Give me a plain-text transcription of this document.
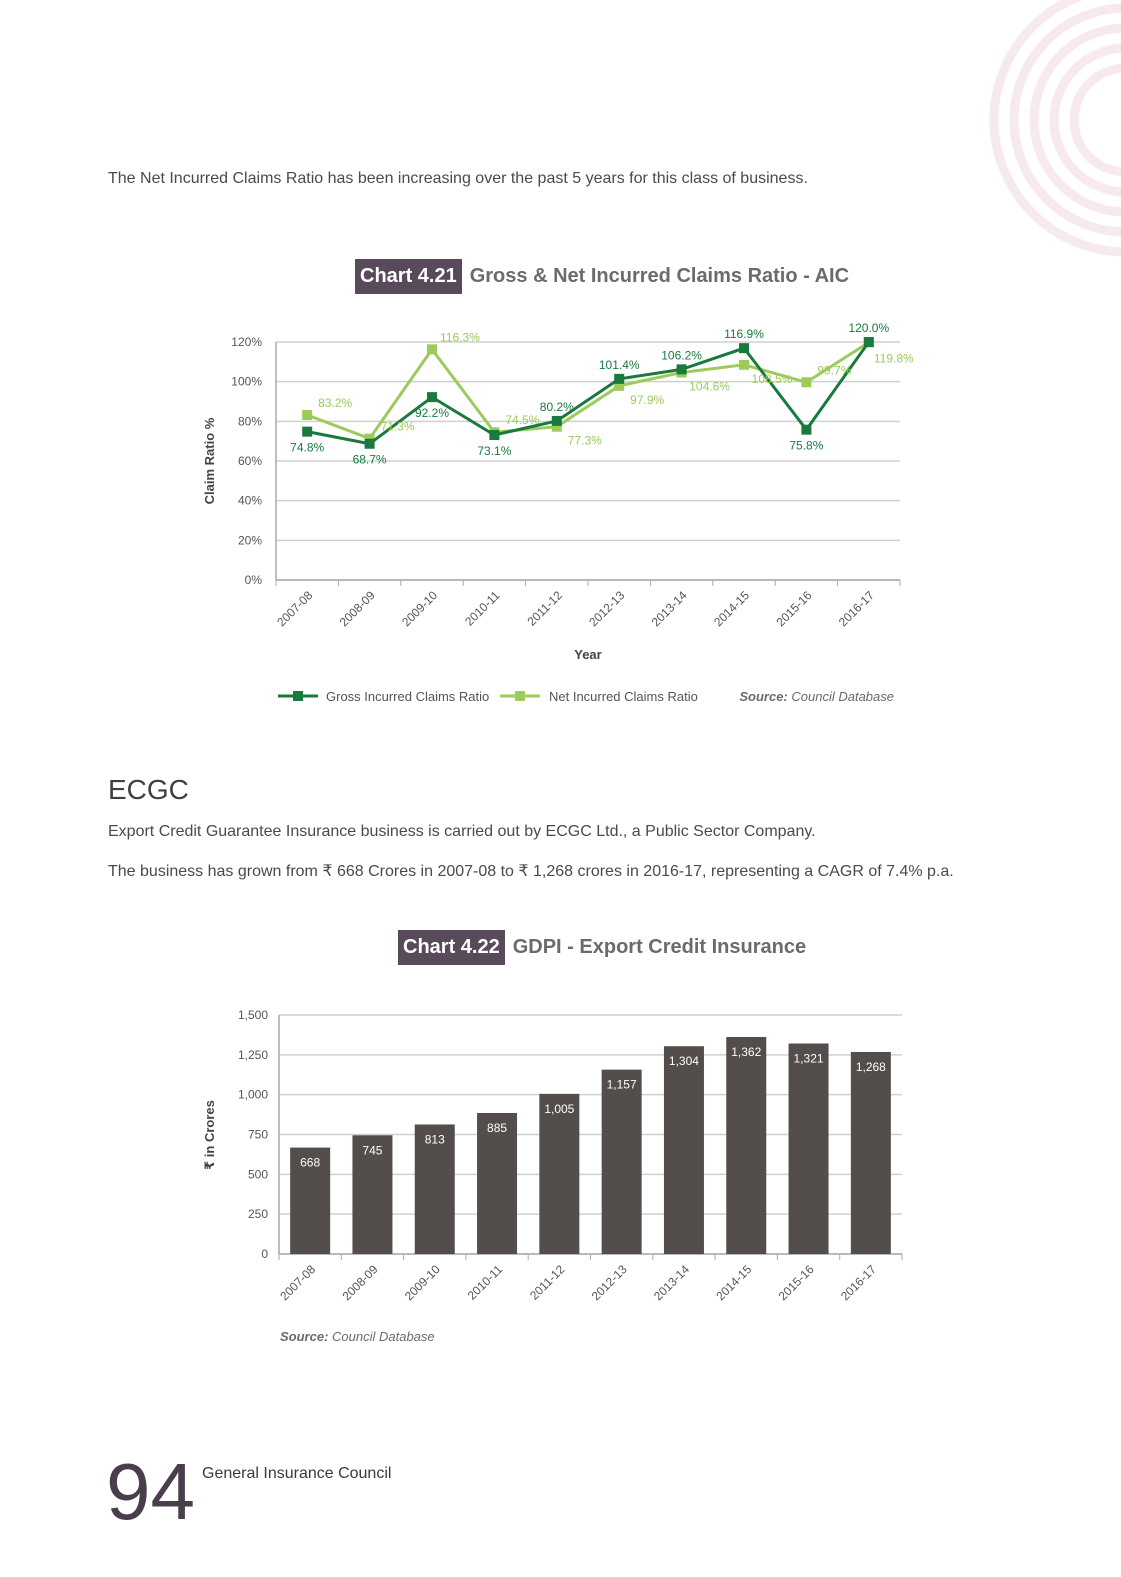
The Net Incurred Claims Ratio has been increasing over the past 5 years for this class of business.
Chart 4.21 Gross & Net Incurred Claims Ratio - AIC
0%
20%
40%
60%
80%
100%
120%
2007-08 2008-09 2009-10 2010-11 2011-12 2012-13 2013-14 2014-15 2015-16 2016-17
Year
Claim Ratio %	74.8%
68.7%
92.2%
73.1%
80.2%
101.4%
106.2%
116.9%
75.8%
120.0%
83.2%
71.3%
116.3%
74.5%
77.3%
97.9%
104.6%
108.5%
99.7%
119.8%
Gross Incurred Claims Ratio	Net Incurred Claims Ratio	Source: Council Database
ECGC
Export Credit Guarantee Insurance business is carried out by ECGC Ltd., a Public Sector Company.
The business has grown from ₹ 668 Crores in 2007-08 to ₹ 1,268 crores in 2016-17, representing a CAGR of 7.4% p.a.
Chart 4.22 GDPI - Export Credit Insurance
0
250
500
750
1,000
1,250
1,500
668
2007-08
745
2008-09
813
2009-10
885
2010-11
1,005
2011-12
1,157
2012-13
1,304
2013-14
1,362
2014-15
1,321
2015-16
1,268
2016-17
₹ in Crores
Source: Council Database
94 General Insurance Council
